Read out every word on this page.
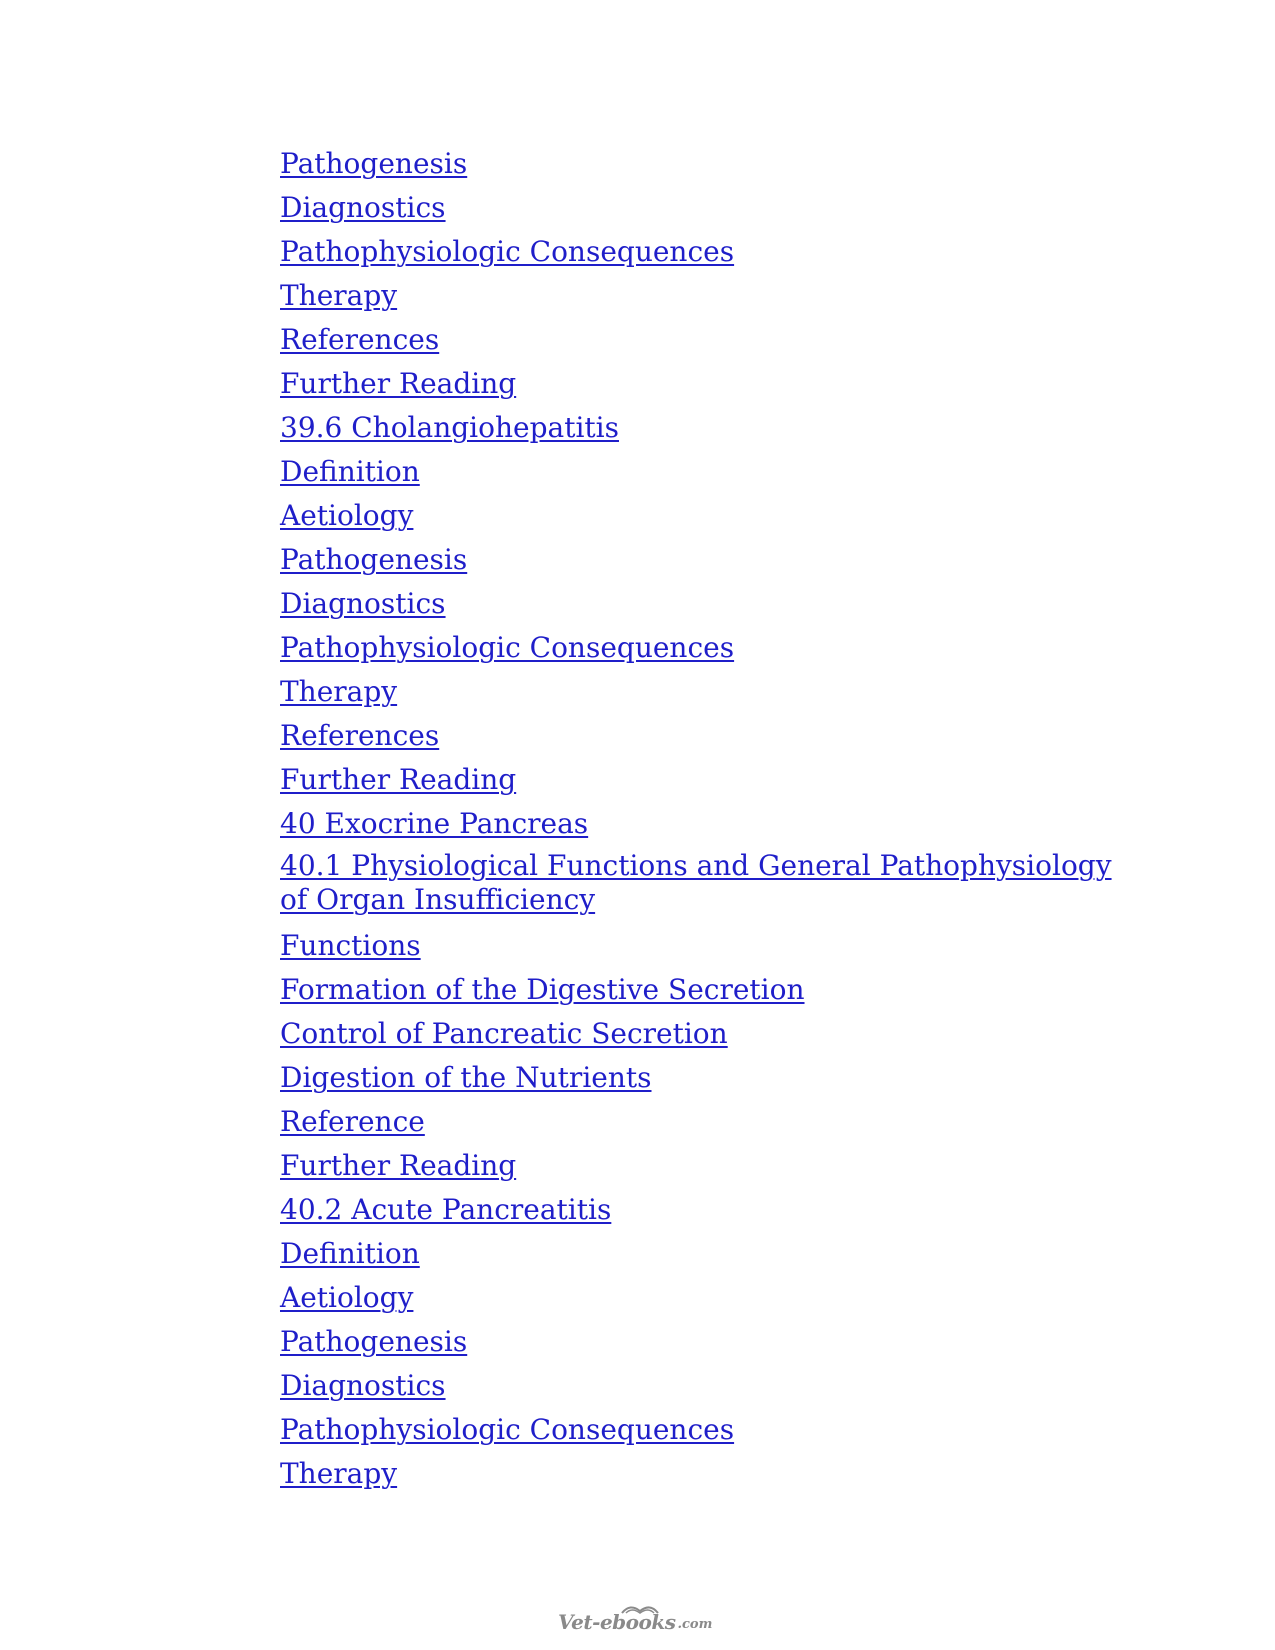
Pathogenesis
Diagnostics
Pathophysiologic Consequences
Therapy
References
Further Reading
39.6 Cholangiohepatitis
Definition
Aetiology
Pathogenesis
Diagnostics
Pathophysiologic Consequences
Therapy
References
Further Reading
40 Exocrine Pancreas
40.1 Physiological Functions and General Pathophysiology of Organ Insufficiency
Functions
Formation of the Digestive Secretion
Control of Pancreatic Secretion
Digestion of the Nutrients
Reference
Further Reading
40.2 Acute Pancreatitis
Definition
Aetiology
Pathogenesis
Diagnostics
Pathophysiologic Consequences
Therapy
Vet-ebooks .com
